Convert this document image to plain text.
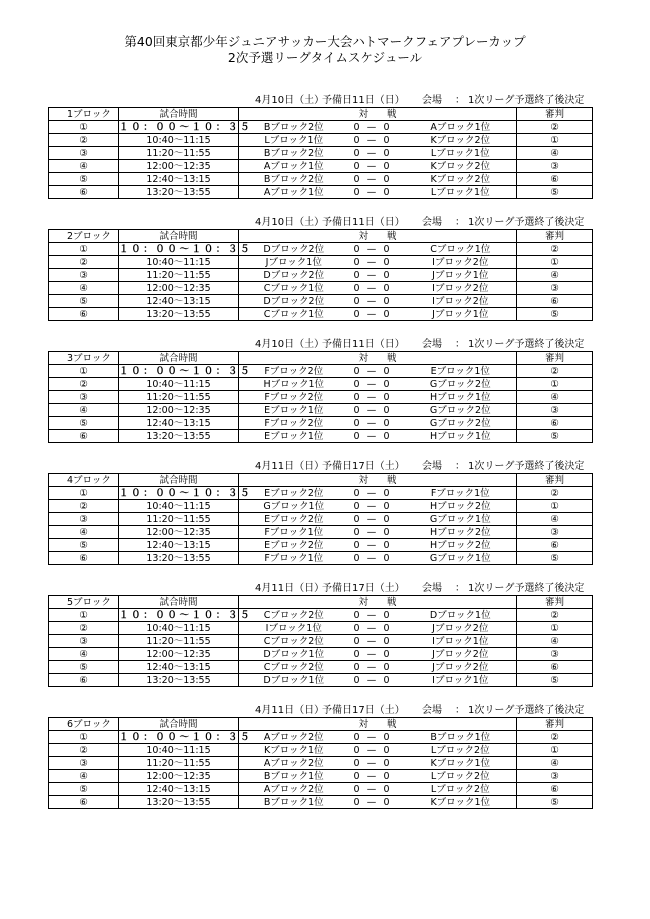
第40回東京都少年ジュニアサッカー大会ハトマークフェアプレーカップ
2次予選リーグタイムスケジュール
4月10日（土）予備日11日（日） 会場 ： 1次リーグ予選終了後決定
1ブロック	試合時間	対　　戦						審判
①	１０：００～１０：３５	Bブロック2位	0	—	0		Aブロック1位	②
②	10:40～11:15	Lブロック1位	0	—	0		Kブロック2位	①
③	11:20～11:55	Bブロック2位	0	—	0		Lブロック1位	④
④	12:00～12:35	Aブロック1位	0	—	0		Kブロック2位	③
⑤	12:40～13:15	Bブロック2位	0	—	0		Kブロック2位	⑥
⑥	13:20～13:55	Aブロック1位	0	—	0		Lブロック1位	⑤
4月10日（土）予備日11日（日） 会場 ： 1次リーグ予選終了後決定
2ブロック	試合時間	対　　戦						審判
①	１０：００～１０：３５	Dブロック2位	0	—	0		Cブロック1位	②
②	10:40～11:15	Jブロック1位	0	—	0		Iブロック2位	①
③	11:20～11:55	Dブロック2位	0	—	0		Jブロック1位	④
④	12:00～12:35	Cブロック1位	0	—	0		Iブロック2位	③
⑤	12:40～13:15	Dブロック2位	0	—	0		Iブロック2位	⑥
⑥	13:20～13:55	Cブロック1位	0	—	0		Jブロック1位	⑤
4月10日（土）予備日11日（日） 会場 ： 1次リーグ予選終了後決定
3ブロック	試合時間	対　　戦						審判
①	１０：００～１０：３５	Fブロック2位	0	—	0		Eブロック1位	②
②	10:40～11:15	Hブロック1位	0	—	0		Gブロック2位	①
③	11:20～11:55	Fブロック2位	0	—	0		Hブロック1位	④
④	12:00～12:35	Eブロック1位	0	—	0		Gブロック2位	③
⑤	12:40～13:15	Fブロック2位	0	—	0		Gブロック2位	⑥
⑥	13:20～13:55	Eブロック1位	0	—	0		Hブロック1位	⑤
4月11日（日）予備日17日（土） 会場 ： 1次リーグ予選終了後決定
4ブロック	試合時間	対　　戦						審判
①	１０：００～１０：３５	Eブロック2位	0	—	0		Fブロック1位	②
②	10:40～11:15	Gブロック1位	0	—	0		Hブロック2位	①
③	11:20～11:55	Eブロック2位	0	—	0		Gブロック1位	④
④	12:00～12:35	Fブロック1位	0	—	0		Hブロック2位	③
⑤	12:40～13:15	Eブロック2位	0	—	0		Hブロック2位	⑥
⑥	13:20～13:55	Fブロック1位	0	—	0		Gブロック1位	⑤
4月11日（日）予備日17日（土） 会場 ： 1次リーグ予選終了後決定
5ブロック	試合時間	対　　戦						審判
①	１０：００～１０：３５	Cブロック2位	0	—	0		Dブロック1位	②
②	10:40～11:15	Iブロック1位	0	—	0		Jブロック2位	①
③	11:20～11:55	Cブロック2位	0	—	0		Iブロック1位	④
④	12:00～12:35	Dブロック1位	0	—	0		Jブロック2位	③
⑤	12:40～13:15	Cブロック2位	0	—	0		Jブロック2位	⑥
⑥	13:20～13:55	Dブロック1位	0	—	0		Iブロック1位	⑤
4月11日（日）予備日17日（土） 会場 ： 1次リーグ予選終了後決定
6ブロック	試合時間	対　　戦						審判
①	１０：００～１０：３５	Aブロック2位	0	—	0		Bブロック1位	②
②	10:40～11:15	Kブロック1位	0	—	0		Lブロック2位	①
③	11:20～11:55	Aブロック2位	0	—	0		Kブロック1位	④
④	12:00～12:35	Bブロック1位	0	—	0		Lブロック2位	③
⑤	12:40～13:15	Aブロック2位	0	—	0		Lブロック2位	⑥
⑥	13:20～13:55	Bブロック1位	0	—	0		Kブロック1位	⑤
